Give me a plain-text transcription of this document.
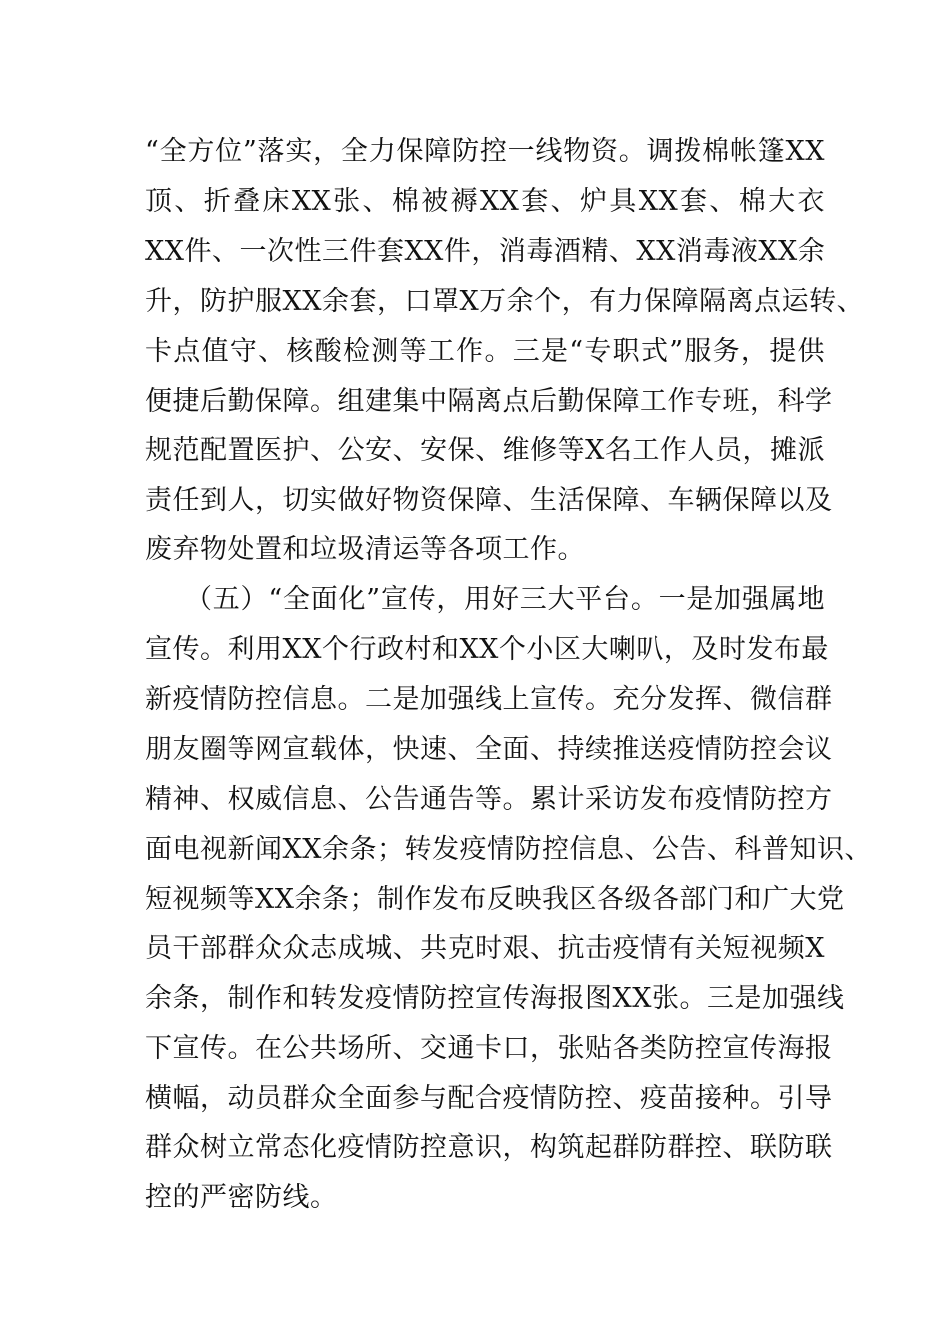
“全方位”落实，全力保障防控一线物资。调拨棉帐篷XX
顶、折叠床XX张、棉被褥XX套、炉具XX套、棉大衣
XX件、一次性三件套XX件，消毒酒精、XX消毒液XX余
升，防护服XX余套，口罩X万余个，有力保障隔离点运转、
卡点值守、核酸检测等工作。三是“专职式”服务，提供
便捷后勤保障。组建集中隔离点后勤保障工作专班，科学
规范配置医护、公安、安保、维修等X名工作人员，摊派
责任到人，切实做好物资保障、生活保障、车辆保障以及
废弃物处置和垃圾清运等各项工作。
（五）“全面化”宣传，用好三大平台。一是加强属地
宣传。利用XX个行政村和XX个小区大喇叭，及时发布最
新疫情防控信息。二是加强线上宣传。充分发挥、微信群
朋友圈等网宣载体，快速、全面、持续推送疫情防控会议
精神、权威信息、公告通告等。累计采访发布疫情防控方
面电视新闻XX余条；转发疫情防控信息、公告、科普知识、
短视频等XX余条；制作发布反映我区各级各部门和广大党
员干部群众众志成城、共克时艰、抗击疫情有关短视频X
余条，制作和转发疫情防控宣传海报图XX张。三是加强线
下宣传。在公共场所、交通卡口，张贴各类防控宣传海报
横幅，动员群众全面参与配合疫情防控、疫苗接种。引导
群众树立常态化疫情防控意识，构筑起群防群控、联防联
控的严密防线。
